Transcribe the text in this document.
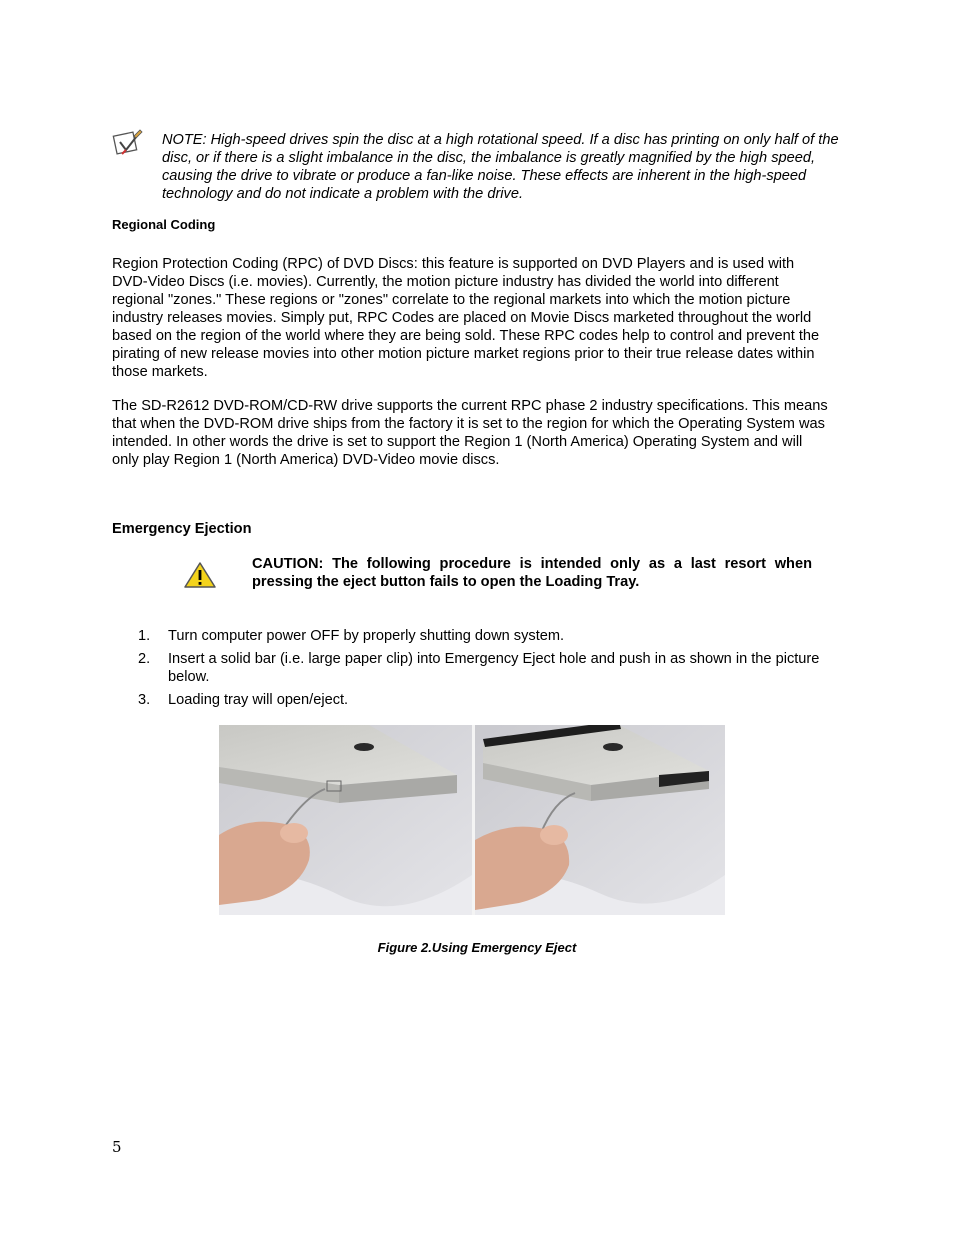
NOTE: High-speed drives spin the disc at a high rotational speed. If a disc has printing on only half of the disc, or if there is a slight imbalance in the disc, the imbalance is greatly magnified by the high speed, causing the drive to vibrate or produce a fan-like noise. These effects are inherent in the high-speed technology and do not indicate a problem with the drive.
Regional Coding
Region Protection Coding (RPC) of DVD Discs: this feature is supported on DVD Players and is used with DVD-Video Discs (i.e. movies). Currently, the motion picture industry has divided the world into different regional "zones." These regions or "zones" correlate to the regional markets into which the motion picture industry releases movies. Simply put, RPC Codes are placed on Movie Discs marketed throughout the world based on the region of the world where they are being sold. These RPC codes help to control and prevent the pirating of new release movies into other motion picture market regions prior to their true release dates within those markets.
The SD-R2612 DVD-ROM/CD-RW drive supports the current RPC phase 2 industry specifications. This means that when the DVD-ROM drive ships from the factory it is set to the region for which the Operating System was intended. In other words the drive is set to support the Region 1 (North America) Operating System and will only play Region 1 (North America) DVD-Video movie discs.
Emergency Ejection
CAUTION: The following procedure is intended only as a last resort when pressing the eject button fails to open the Loading Tray.
1.	Turn computer power OFF by properly shutting down system.
2.	Insert a solid bar (i.e. large paper clip) into Emergency Eject hole and push in as shown in the picture below.
3.	Loading tray will open/eject.
Figure 2.Using Emergency Eject
5
